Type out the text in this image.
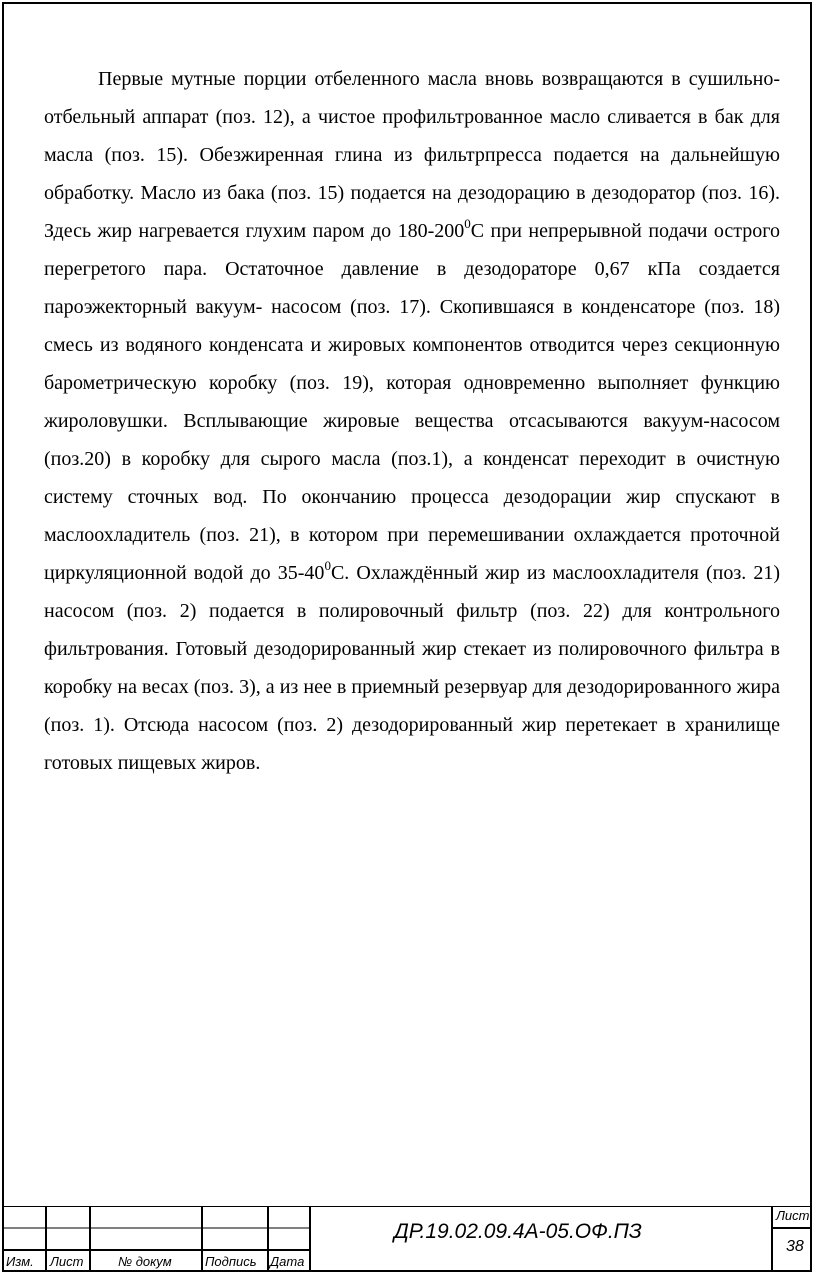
Первые мутные порции отбеленного масла вновь возвращаются в сушильно-отбельный аппарат (поз. 12), а чистое профильтрованное масло сливается в бак для масла (поз. 15). Обезжиренная глина из фильтрпресса подается на дальнейшую обработку. Масло из бака (поз. 15) подается на дезодорацию в дезодоратор (поз. 16). Здесь жир нагревается глухим паром до $180-200^0С$ при непрерывной подачи острого перегретого пара. Остаточное давление в дезодораторе 0,67 кПа создается пароэжекторный вакуум- насосом (поз. 17). Скопившаяся в конденсаторе (поз. 18) смесь из водяного конденсата и жировых компонентов отводится через секционную барометрическую коробку (поз. 19), которая одновременно выполняет функцию жироловушки. Всплывающие жировые вещества отсасываются вакуум-насосом (поз.20) в коробку для сырого масла (поз.1), а конденсат переходит в очистную систему сточных вод. По окончанию процесса дезодорации жир спускают в маслоохладитель (поз. 21), в котором при перемешивании охлаждается проточной циркуляционной водой до $35-40^0С$. Охлаждённый жир из маслоохладителя (поз. 21) насосом (поз. 2) подается в полировочный фильтр (поз. 22) для контрольного фильтрования. Готовый дезодорированный жир стекает из полировочного фильтра в коробку на весах (поз. 3), а из нее в приемный резервуар для дезодорированного жира (поз. 1). Отсюда насосом (поз. 2) дезодорированный жир перетекает в хранилище готовых пищевых жиров.

Изм. Лист	№ докум	Подпись Дата
ДР.19.02.09.4А-05.ОФ.ПЗ
Лист
38
